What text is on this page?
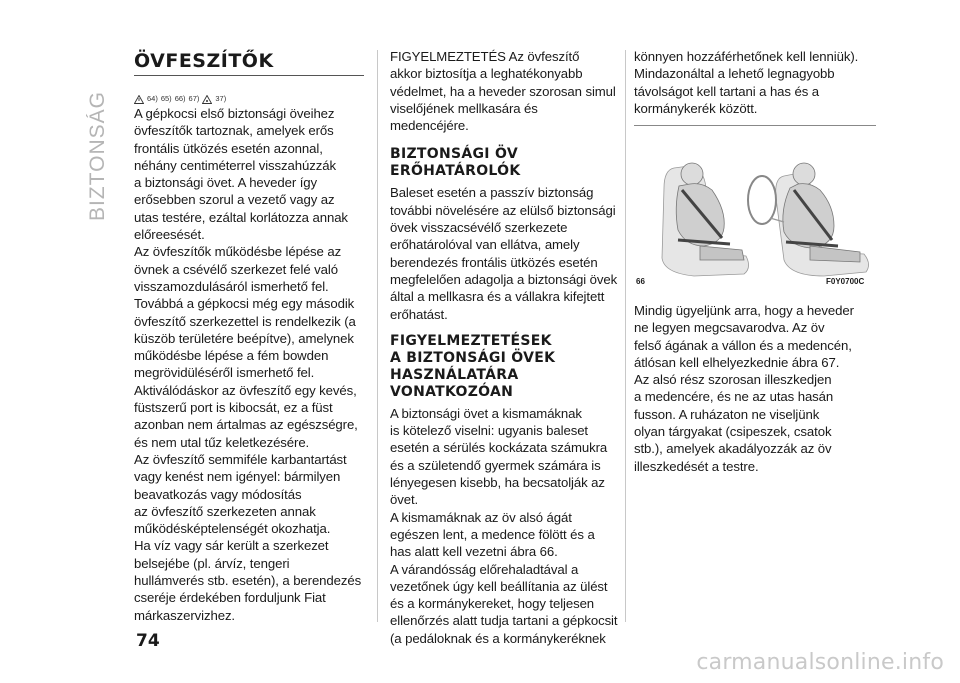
BIZTONSÁG
ÖVFESZÍTŐK
64) 65) 66) 67) 37)

A gépkocsi első biztonsági öveihez

övfeszítők tartoznak, amelyek erős

frontális ütközés esetén azonnal,

néhány centiméterrel visszahúzzák

a biztonsági övet. A heveder így

erősebben szorul a vezető vagy az

utas testére, ezáltal korlátozza annak

előreesését.

Az övfeszítők működésbe lépése az

övnek a csévélő szerkezet felé való

visszamozdulásáról ismerhető fel.

Továbbá a gépkocsi még egy második

övfeszítő szerkezettel is rendelkezik (a

küszöb területére beépítve), amelynek

működésbe lépése a fém bowden

megrövidüléséről ismerhető fel.

Aktiválódáskor az övfeszítő egy kevés,

füstszerű port is kibocsát, ez a füst

azonban nem ártalmas az egészségre,

és nem utal tűz keletkezésére.

Az övfeszítő semmiféle karbantartást

vagy kenést nem igényel: bármilyen

beavatkozás vagy módosítás

az övfeszítő szerkezeten annak

működésképtelenségét okozhatja.

Ha víz vagy sár került a szerkezet

belsejébe (pl. árvíz, tengeri

hullámverés stb. esetén), a berendezés

cseréje érdekében forduljunk Fiat

márkaszervizhez.

FIGYELMEZTETÉS Az övfeszítő

akkor biztosítja a leghatékonyabb

védelmet, ha a heveder szorosan simul

viselőjének mellkasára és medencéjére.

BIZTONSÁGI ÖV
ERŐHATÁROLÓK

Baleset esetén a passzív biztonság

további növelésére az elülső biztonsági

övek visszacsévélő szerkezete

erőhatárolóval van ellátva, amely

berendezés frontális ütközés esetén

megfelelően adagolja a biztonsági övek

által a mellkasra és a vállakra kifejtett

erőhatást.

FIGYELMEZTETÉSEK
A BIZTONSÁGI ÖVEK
HASZNÁLATÁRA
VONATKOZÓAN

A biztonsági övet a kismamáknak

is kötelező viselni: ugyanis baleset

esetén a sérülés kockázata számukra

és a születendő gyermek számára is

lényegesen kisebb, ha becsatolják az

övet.

A kismamáknak az öv alsó ágát

egészen lent, a medence fölött és a

has alatt kell vezetni ábra 66.

A várandósság előrehaladtával a

vezetőnek úgy kell beállítania az ülést

és a kormánykereket, hogy teljesen

ellenőrzés alatt tudja tartani a gépkocsit

(a pedáloknak és a kormánykeréknek

könnyen hozzáférhetőnek kell lenniük).

Mindazonáltal a lehető legnagyobb

távolságot kell tartani a has és a

kormánykerék között.

66	F0Y0700C

Mindig ügyeljünk arra, hogy a heveder

ne legyen megcsavarodva. Az öv

felső ágának a vállon és a medencén,

átlósan kell elhelyezkednie ábra 67.

Az alsó rész szorosan illeszkedjen

a medencére, és ne az utas hasán

fusson. A ruházaton ne viseljünk

olyan tárgyakat (csipeszek, csatok

stb.), amelyek akadályozzák az öv

illeszkedését a testre.

74
carmanualsonline.info
